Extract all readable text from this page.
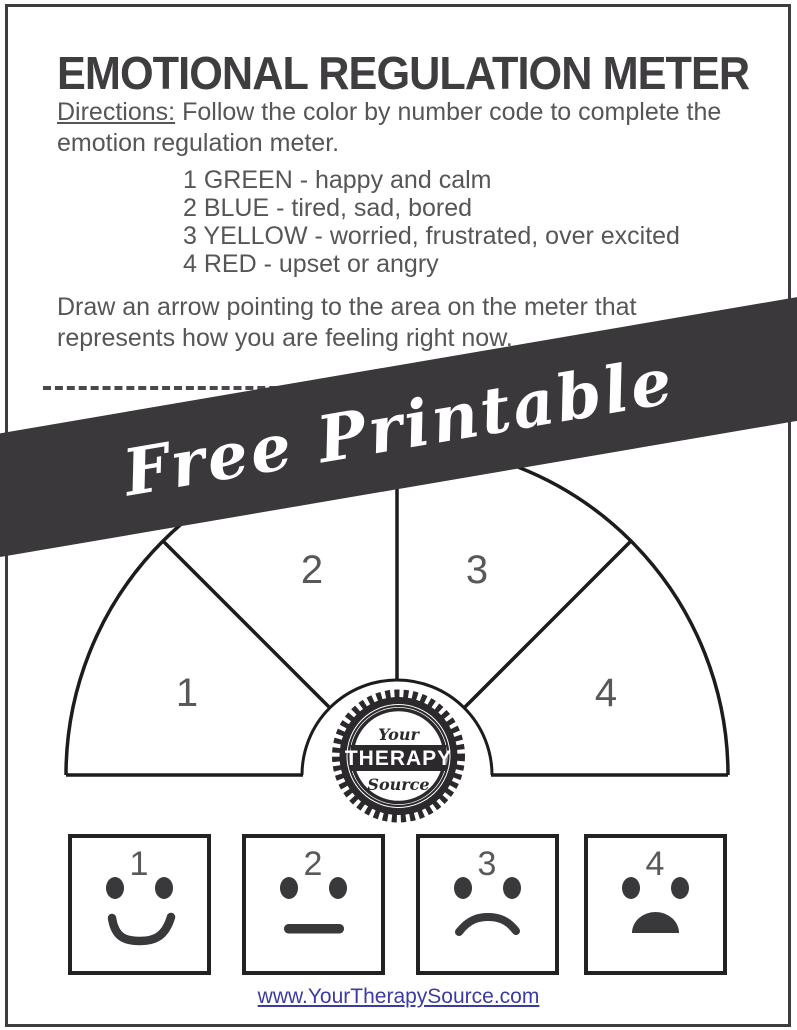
EMOTIONAL REGULATION METER

Directions: Follow the color by number code to complete the emotion regulation meter.

1 GREEN - happy and calm
2 BLUE - tired, sad, bored
3 YELLOW - worried, frustrated, over excited
4 RED - upset or angry

Draw an arrow pointing to the area on the meter that represents how you are feeling right now.

1
2	3
4
Your
THERAPY
Source
Free Printable
1	2	3	4
www.YourTherapySource.com
